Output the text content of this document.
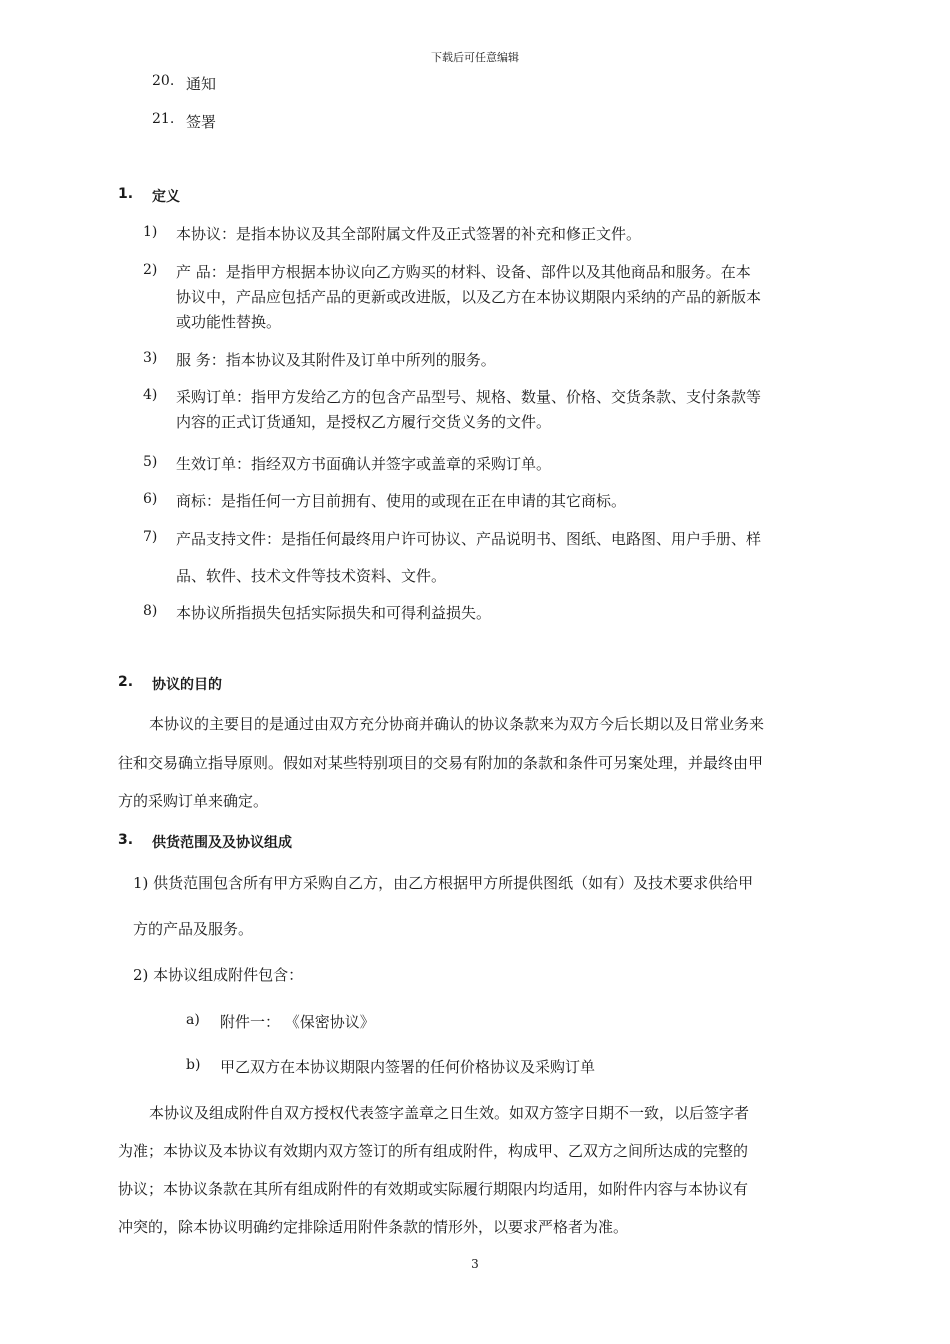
下载后可任意编辑
20. 通知
21. 签署
1. 定义
1) 本协议：是指本协议及其全部附属文件及正式签署的补充和修正文件。
2) 产 品：是指甲方根据本协议向乙方购买的材料、设备、部件以及其他商品和服务。在本
协议中，产品应包括产品的更新或改进版，以及乙方在本协议期限内采纳的产品的新版本
或功能性替换。
3) 服 务：指本协议及其附件及订单中所列的服务。
4) 采购订单：指甲方发给乙方的包含产品型号、规格、数量、价格、交货条款、支付条款等
内容的正式订货通知，是授权乙方履行交货义务的文件。
5) 生效订单：指经双方书面确认并签字或盖章的采购订单。
6) 商标：是指任何一方目前拥有、使用的或现在正在申请的其它商标。
7) 产品支持文件：是指任何最终用户许可协议、产品说明书、图纸、电路图、用户手册、样
品、软件、技术文件等技术资料、文件。
8) 本协议所指损失包括实际损失和可得利益损失。
2. 协议的目的
本协议的主要目的是通过由双方充分协商并确认的协议条款来为双方今后长期以及日常业务来
往和交易确立指导原则。假如对某些特别项目的交易有附加的条款和条件可另案处理，并最终由甲
方的采购订单来确定。
3. 供货范围及及协议组成
1) 供货范围包含所有甲方采购自乙方，由乙方根据甲方所提供图纸（如有）及技术要求供给甲
方的产品及服务。
2) 本协议组成附件包含：
a) 附件一： 《保密协议》
b) 甲乙双方在本协议期限内签署的任何价格协议及采购订单
本协议及组成附件自双方授权代表签字盖章之日生效。如双方签字日期不一致，以后签字者
为准；本协议及本协议有效期内双方签订的所有组成附件，构成甲、乙双方之间所达成的完整的
协议；本协议条款在其所有组成附件的有效期或实际履行期限内均适用，如附件内容与本协议有
冲突的，除本协议明确约定排除适用附件条款的情形外，以要求严格者为准。
3
